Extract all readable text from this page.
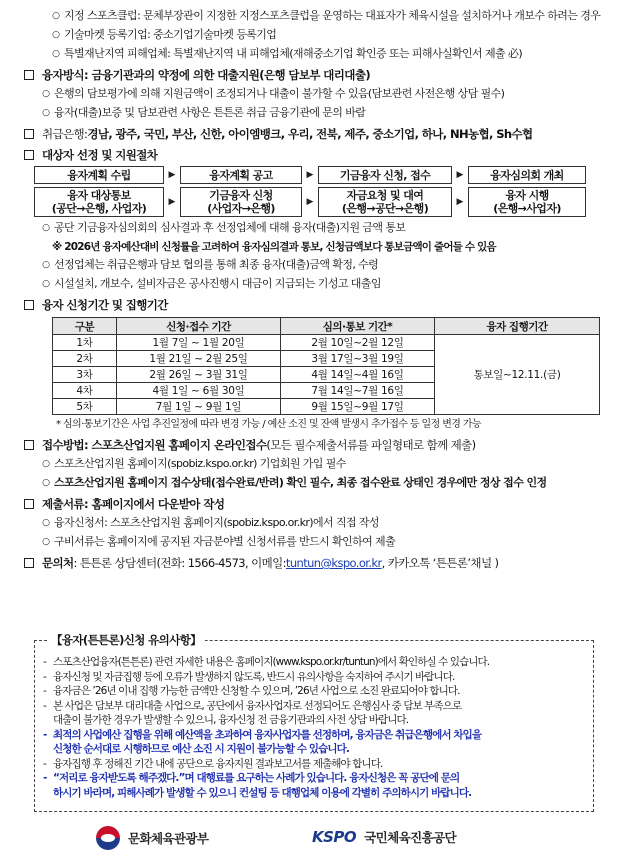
○ 지정 스포츠클럽: 문체부장관이 지정한 지정스포츠클럽을 운영하는 대표자가 체육시설을 설치하거나 개보수 하려는 경우
○ 기술마켓 등록기업: 중소기업기술마켓 등록기업
○ 특별재난지역 피해업체: 특별재난지역 내 피해업체(재해중소기업 확인증 또는 피해사실확인서 제출 必)
융자방식: 금융기관과의 약정에 의한 대출지원(은행 담보부 대리대출)
○ 은행의 담보평가에 의해 지원금액이 조정되거나 대출이 불가할 수 있음(담보관련 사전은행 상담 필수)
○ 융자(대출)보증 및 담보관련 사항은 튼튼론 취급 금융기관에 문의 바람
취급은행: 경남, 광주, 국민, 부산, 신한, 아이엠뱅크, 우리, 전북, 제주, 중소기업, 하나, NH농협, Sh수협
대상자 선정 및 지원절차
융자계획 수립	▶	융자계획 공고	▶	기금융자 신청, 접수	▶	융자심의회 개최
융자 대상통보
(공단→은행, 사업자)	▶	기금융자 신청
(사업자→은행)	▶	자금요청 및 대여
(은행→공단→은행)	▶	융자 시행
(은행→사업자)
○ 공단 기금융자심의회의 심사결과 후 선정업체에 대해 융자(대출)지원 금액 통보
※ 2026년 융자예산대비 신청률을 고려하여 융자심의결과 통보, 신청금액보다 통보금액이 줄어들 수 있음
○ 선정업체는 취급은행과 담보 협의를 통해 최종 융자(대출)금액 확정, 수령
○ 시설설치, 개보수, 설비자금은 공사진행시 대금이 지급되는 기성고 대출임
융자 신청기간 및 집행기간
구분	신청·접수 기간	심의·통보 기간*	융자 집행기간
1차	1월 7일 ~ 1월 20일	2월 10일~2월 12일	통보일~12.11.(금)
2차	1월 21일 ~ 2월 25일	3월 17일~3월 19일	
3차	2월 26일 ~ 3월 31일	4월 14일~4월 16일	
4차	4월 1일 ~ 6월 30일	7월 14일~7월 16일	
5차	7월 1일 ~ 9월 1일	9월 15일~9월 17일	
* 심의·통보기간은 사업 추진일정에 따라 변경 가능 / 예산 소진 및 잔액 발생시 추가접수 등 일정 변경 가능
접수방법: 스포츠산업지원 홈페이지 온라인접수 (모든 필수제출서류를 파일형태로 함께 제출)
○ 스포츠산업지원 홈페이지(spobiz.kspo.or.kr) 기업회원 가입 필수
○ 스포츠산업지원 홈페이지 접수상태(접수완료/반려) 확인 필수, 최종 접수완료 상태인 경우에만 정상 접수 인정
제출서류: 홈페이지에서 다운받아 작성
○ 융자신청서: 스포츠산업지원 홈페이지(spobiz.kspo.or.kr)에서 직접 작성
○ 구비서류는 홈페이지에 공지된 자금분야별 신청서류를 반드시 확인하여 제출
문의처 : 튼튼론 상담센터(전화: 1566-4573, 이메일: tuntun@kspo.or.kr , 카카오톡 ‘튼튼론’채널 )
【융자(튼튼론)신청 유의사항】
- 스포츠산업융자(튼튼론) 관련 자세한 내용은 홈페이지(www.kspo.or.kr/tuntun)에서 확인하실 수 있습니다.
- 융자신청 및 자금집행 등에 오류가 발생하지 않도록, 반드시 유의사항을 숙지하여 주시기 바랍니다.
- 융자금은 ’26년 이내 집행 가능한 금액만 신청할 수 있으며, ’26년 사업으로 소진 완료되어야 합니다.
- 본 사업은 담보부 대리대출 사업으로, 공단에서 융자사업자로 선정되어도 은행심사 중 담보 부족으로
대출이 불가한 경우가 발생할 수 있으니, 융자신청 전 금융기관과의 사전 상담 바랍니다.
- 최적의 사업예산 집행을 위해 예산액을 초과하여 융자사업자를 선정하며, 융자금은 취급은행에서 차입을
신청한 순서대로 시행하므로 예산 소진 시 지원이 불가능할 수 있습니다.
- 융자집행 후 정해진 기간 내에 공단으로 융자지원 결과보고서를 제출해야 합니다.
- “저리로 융자받도록 해주겠다.”며 대행료를 요구하는 사례가 있습니다. 융자신청은 꼭 공단에 문의
하시기 바라며, 피해사례가 발생할 수 있으니 컨설팅 등 대행업체 이용에 각별히 주의하시기 바랍니다.
문화체육관광부	KSPO 국민체육진흥공단
